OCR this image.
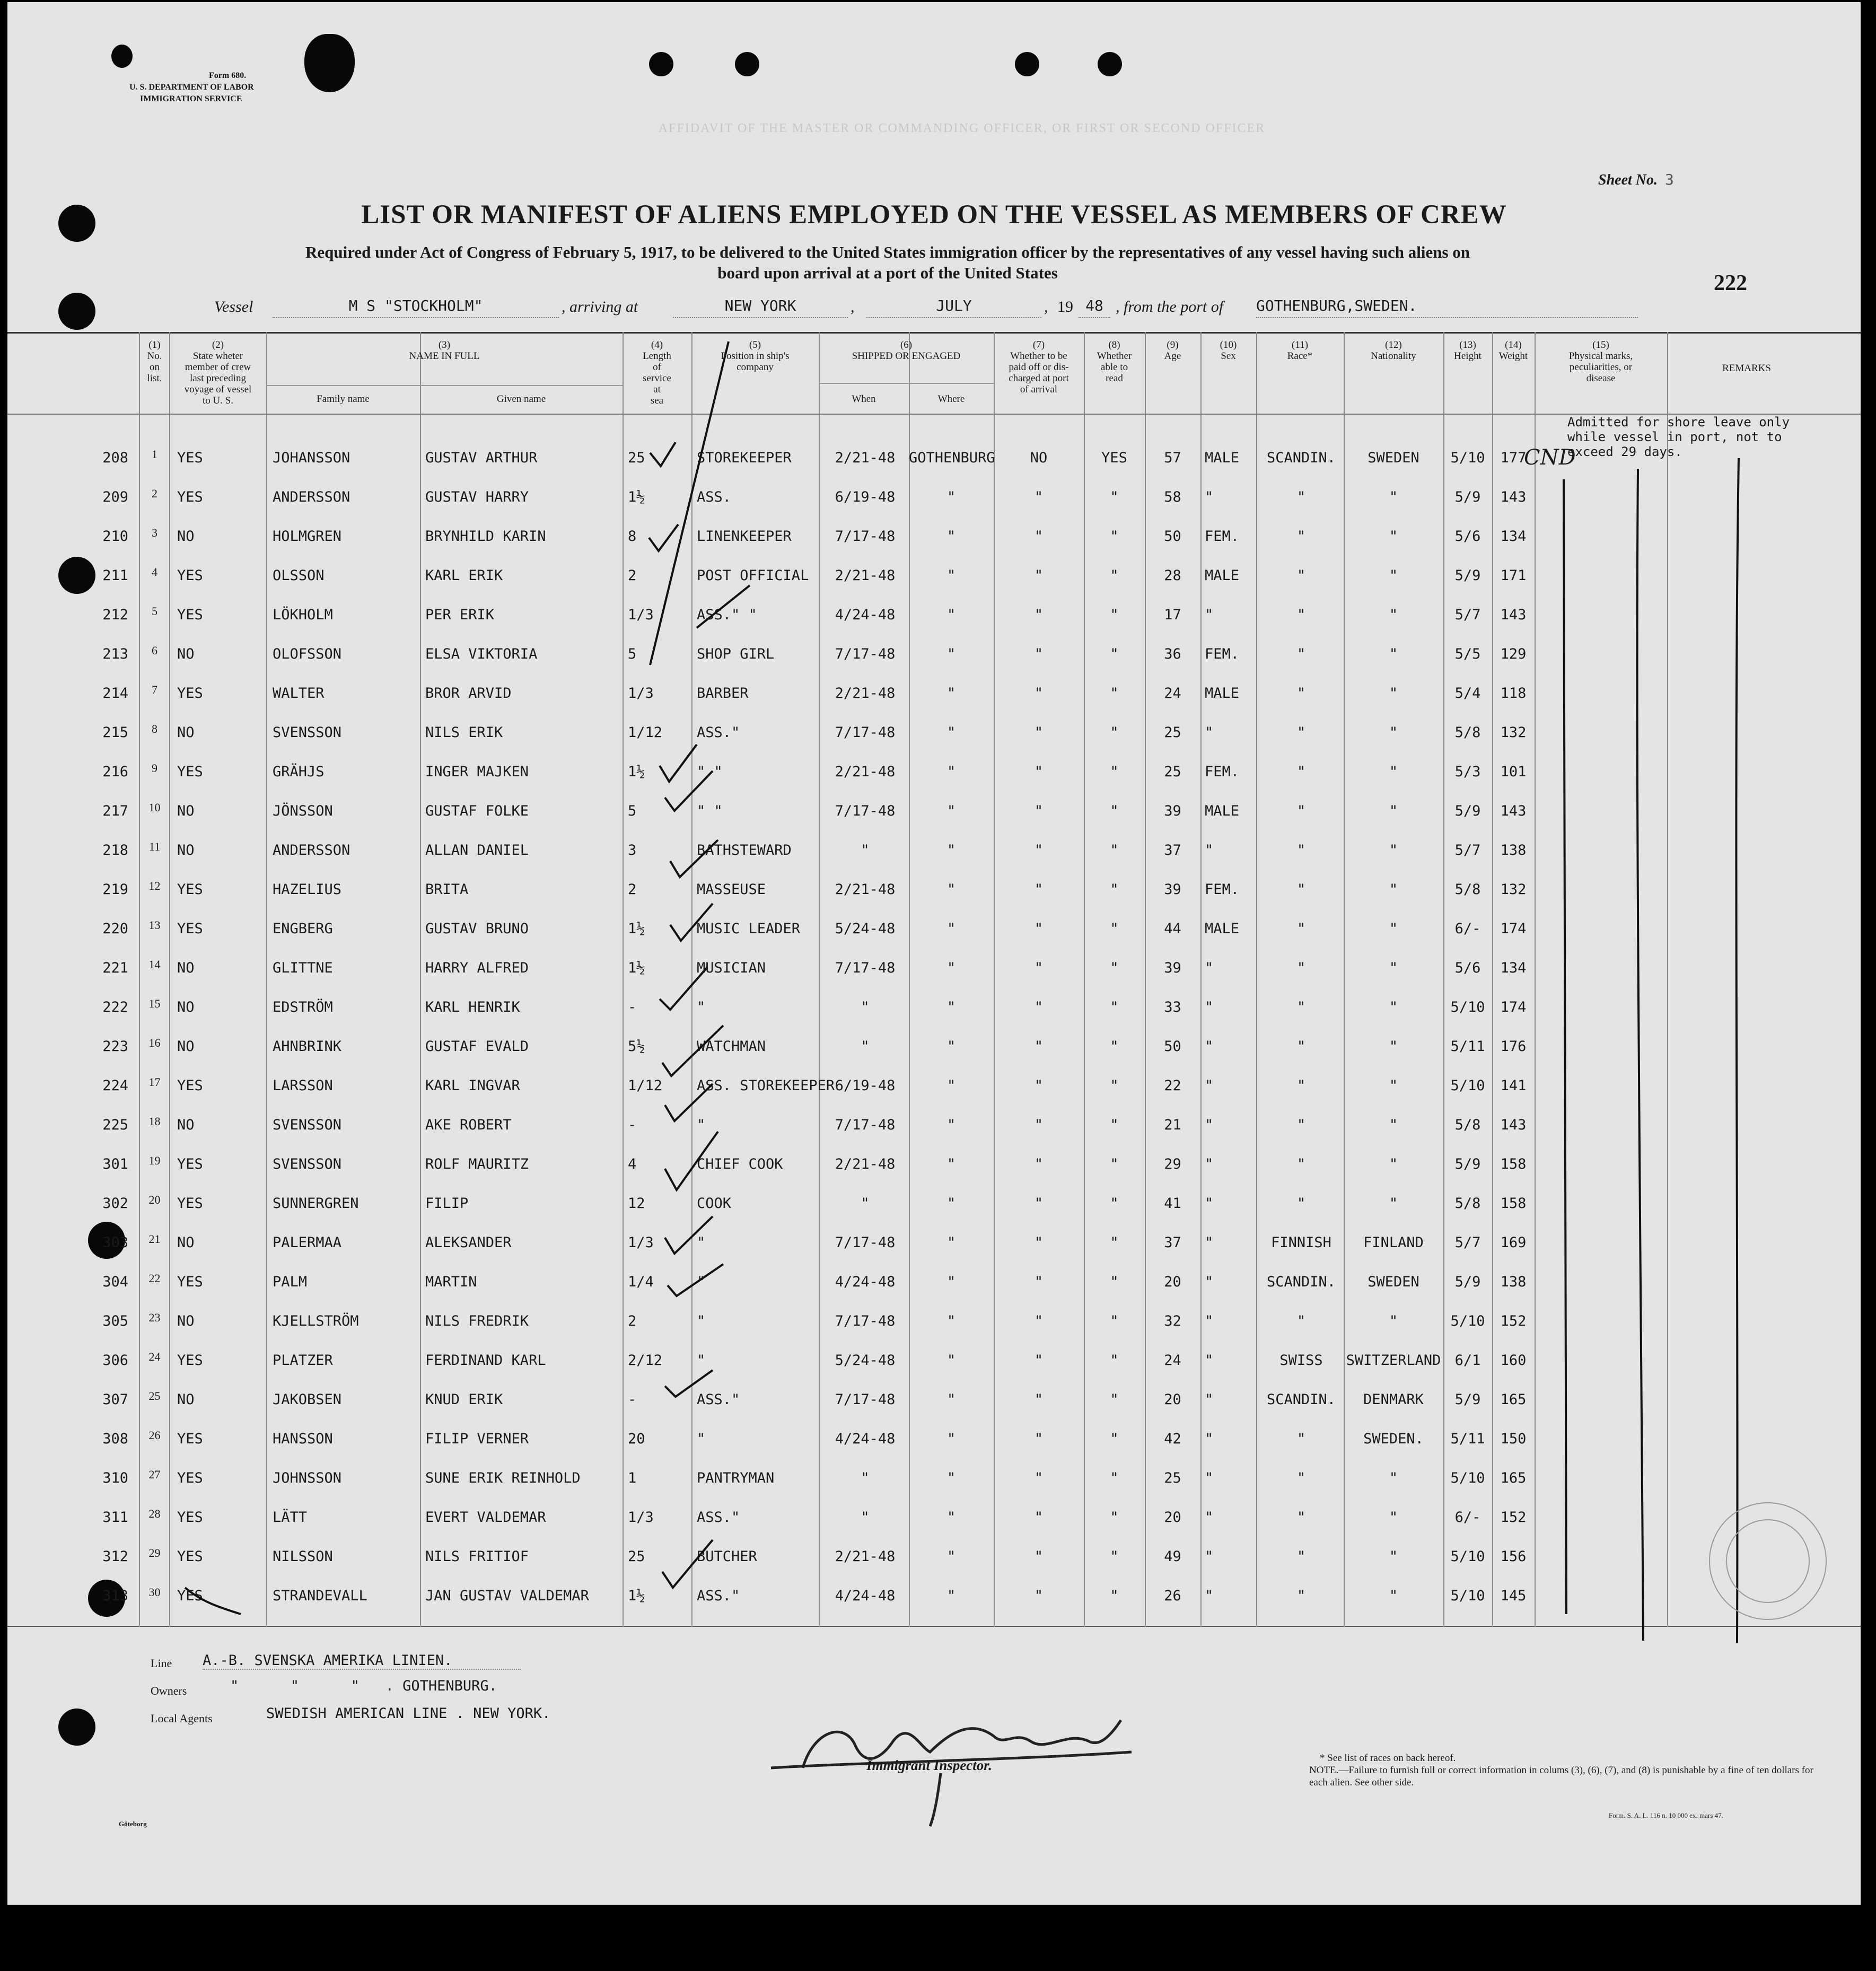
Form 680.
U. S. DEPARTMENT OF LABOR
IMMIGRATION SERVICE
AFFIDAVIT OF THE MASTER OR COMMANDING OFFICER, OR FIRST OR SECOND OFFICER
Sheet No. 3
LIST OR MANIFEST OF ALIENS EMPLOYED ON THE VESSEL AS MEMBERS OF CREW
Required under Act of Congress of February 5, 1917, to be delivered to the United States immigration officer by the representatives of any vessel having such aliens on
board upon arrival at a port of the United States	222
Vessel	M S "STOCKHOLM"	, arriving at	NEW YORK	,	JULY	, 19 48 , from the port of GOTHENBURG,SWEDEN.
(1)
No.
on
list.
(2)
State wheter
member of crew
last preceding
voyage of vessel
to U. S.
(3)
NAME IN FULL
Family name	Given name
(4)
Length
of
service
at
sea
(5)
Position in ship's
company
(6)
SHIPPED OR ENGAGED
When	Where
(7)
Whether to be
paid off or dis-
charged at port
of arrival
(8)
Whether
able to
read
(9)
Age
(10)
Sex
(11)
Race*
(12)
Nationality
(13)
Height
(14)
Weight
(15)
Physical marks,
peculiarities, or
disease
REMARKS
208	1	YES	JOHANSSON	GUSTAV ARTHUR	25	STOREKEEPER	2/21-48 GOTHENBURG	NO	YES	57	MALE	SCANDIN.	SWEDEN	5/10	177
209	2	YES	ANDERSSON	GUSTAV HARRY	1½	ASS.	6/19-48	"	"	"	58	"	"	"	5/9	143
210	3	NO	HOLMGREN	BRYNHILD KARIN	8	LINENKEEPER	7/17-48	"	"	"	50	FEM.	"	"	5/6	134
211	4	YES	OLSSON	KARL ERIK	2	POST OFFICIAL	2/21-48	"	"	"	28	MALE	"	"	5/9	171
212	5	YES	LÖKHOLM	PER ERIK	1/3	ASS." "	4/24-48	"	"	"	17	"	"	"	5/7	143
213	6	NO	OLOFSSON	ELSA VIKTORIA	5	SHOP GIRL	7/17-48	"	"	"	36	FEM.	"	"	5/5	129
214	7	YES	WALTER	BROR ARVID	1/3	BARBER	2/21-48	"	"	"	24	MALE	"	"	5/4	118
215	8	NO	SVENSSON	NILS ERIK	1/12	ASS."	7/17-48	"	"	"	25	"	"	"	5/8	132
216	9	YES	GRÄHJS	INGER MAJKEN	1½	" "	2/21-48	"	"	"	25	FEM.	"	"	5/3	101
217	10	NO	JÖNSSON	GUSTAF FOLKE	5	" "	7/17-48	"	"	"	39	MALE	"	"	5/9	143
218	11	NO	ANDERSSON	ALLAN DANIEL	3	BATHSTEWARD	"	"	"	"	37	"	"	"	5/7	138
219	12	YES	HAZELIUS	BRITA	2	MASSEUSE	2/21-48	"	"	"	39	FEM.	"	"	5/8	132
220	13	YES	ENGBERG	GUSTAV BRUNO	1½	MUSIC LEADER	5/24-48	"	"	"	44	MALE	"	"	6/-	174
221	14	NO	GLITTNE	HARRY ALFRED	1½	MUSICIAN	7/17-48	"	"	"	39	"	"	"	5/6	134
222	15	NO	EDSTRÖM	KARL HENRIK	-	"	"	"	"	"	33	"	"	"	5/10	174
223	16	NO	AHNBRINK	GUSTAF EVALD	5½	WATCHMAN	"	"	"	"	50	"	"	"	5/11	176
224	17	YES	LARSSON	KARL INGVAR	1/12	ASS. STOREKEEPER 6/19-48	"	"	"	22	"	"	"	5/10	141
225	18	NO	SVENSSON	AKE ROBERT	-	"	7/17-48	"	"	"	21	"	"	"	5/8	143
301	19	YES	SVENSSON	ROLF MAURITZ	4	CHIEF COOK	2/21-48	"	"	"	29	"	"	"	5/9	158
302	20	YES	SUNNERGREN	FILIP	12	COOK	"	"	"	"	41	"	"	"	5/8	158
303	21	NO	PALERMAA	ALEKSANDER	1/3	"	7/17-48	"	"	"	37	"	FINNISH	FINLAND	5/7	169
304	22	YES	PALM	MARTIN	1/4	"	4/24-48	"	"	"	20	"	SCANDIN.	SWEDEN	5/9	138
305	23	NO	KJELLSTRÖM	NILS FREDRIK	2	"	7/17-48	"	"	"	32	"	"	"	5/10	152
306	24	YES	PLATZER	FERDINAND KARL	2/12	"	5/24-48	"	"	"	24	"	SWISS	SWITZERLAND 6/1	160
307	25	NO	JAKOBSEN	KNUD ERIK	-	ASS."	7/17-48	"	"	"	20	"	SCANDIN.	DENMARK	5/9	165
308	26	YES	HANSSON	FILIP VERNER	20	"	4/24-48	"	"	"	42	"	"	SWEDEN.	5/11	150
310	27	YES	JOHNSSON	SUNE ERIK REINHOLD	1	PANTRYMAN	"	"	"	"	25	"	"	"	5/10	165
311	28	YES	LÄTT	EVERT VALDEMAR	1/3	ASS."	"	"	"	"	20	"	"	"	6/-	152
312	29	YES	NILSSON	NILS FRITIOF	25	BUTCHER	2/21-48	"	"	"	49	"	"	"	5/10	156
313	30	YES	STRANDEVALL	JAN GUSTAV VALDEMAR	1½	ASS."	4/24-48	"	"	"	26	"	"	"	5/10	145
Admitted for shore leave only while vessel in port, not to exceed 29 days.
CND
Line A.-B. SVENSKA AMERIKA LINIEN.
Owners	"      "      "   . GOTHENBURG.
Local Agents	SWEDISH AMERICAN LINE . NEW YORK.
Immigrant Inspector.	* See list of races on back hereof.
NOTE.—Failure to furnish full or correct information in colums (3), (6), (7), and (8) is punishable by a fine of ten dollars for each alien. See other side.
Form. S. A. L. 116 n. 10 000 ex. mars 47.
Göteborg
